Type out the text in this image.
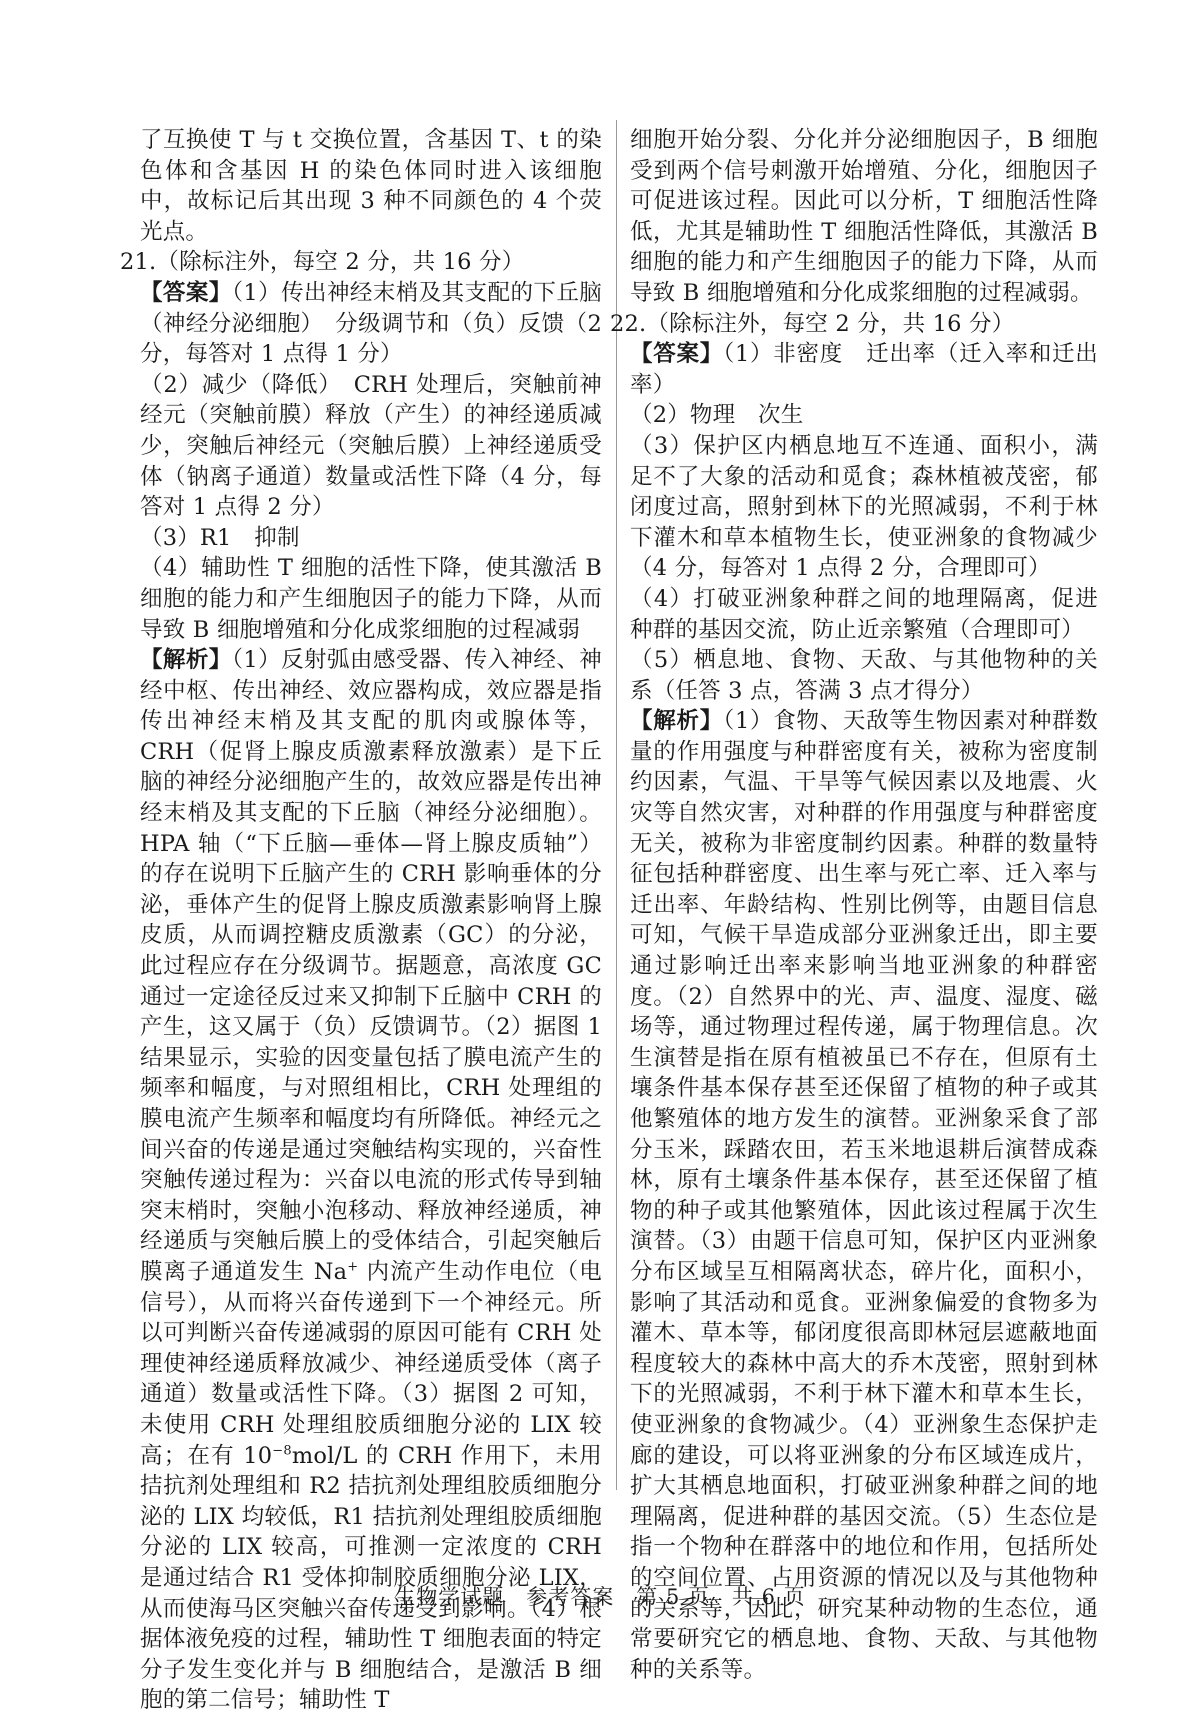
了互换使 T 与 t 交换位置，含基因 T、t 的染色体和含基因 H 的染色体同时进入该细胞中，故标记后其出现 3 种不同颜色的 4 个荧光点。

21.（除标注外，每空 2 分，共 16 分）

【答案】（1）传出神经末梢及其支配的下丘脑（神经分泌细胞）　分级调节和（负）反馈（2 分，每答对 1 点得 1 分）

（2）减少（降低）　CRH 处理后，突触前神经元（突触前膜）释放（产生）的神经递质减少，突触后神经元（突触后膜）上神经递质受体（钠离子通道）数量或活性下降（4 分，每答对 1 点得 2 分）

（3）R1　抑制

（4）辅助性 T 细胞的活性下降，使其激活 B 细胞的能力和产生细胞因子的能力下降，从而导致 B 细胞增殖和分化成浆细胞的过程减弱

【解析】（1）反射弧由感受器、传入神经、神经中枢、传出神经、效应器构成，效应器是指传出神经末梢及其支配的肌肉或腺体等，CRH（促肾上腺皮质激素释放激素）是下丘脑的神经分泌细胞产生的，故效应器是传出神经末梢及其支配的下丘脑（神经分泌细胞）。HPA 轴（“下丘脑—垂体—肾上腺皮质轴”）的存在说明下丘脑产生的 CRH 影响垂体的分泌，垂体产生的促肾上腺皮质激素影响肾上腺皮质，从而调控糖皮质激素（GC）的分泌，此过程应存在分级调节。据题意，高浓度 GC 通过一定途径反过来又抑制下丘脑中 CRH 的产生，这又属于（负）反馈调节。（2）据图 1 结果显示，实验的因变量包括了膜电流产生的频率和幅度，与对照组相比，CRH 处理组的膜电流产生频率和幅度均有所降低。神经元之间兴奋的传递是通过突触结构实现的，兴奋性突触传递过程为：兴奋以电流的形式传导到轴突末梢时，突触小泡移动、释放神经递质，神经递质与突触后膜上的受体结合，引起突触后膜离子通道发生 Na+ 内流产生动作电位（电信号），从而将兴奋传递到下一个神经元。所以可判断兴奋传递减弱的原因可能有 CRH 处理使神经递质释放减少、神经递质受体（离子通道）数量或活性下降。（3）据图 2 可知，未使用 CRH 处理组胶质细胞分泌的 LIX 较高；在有 $10^{-8}mol/L$ 的 CRH 作用下，未用拮抗剂处理组和 R2 拮抗剂处理组胶质细胞分泌的 LIX 均较低，R1 拮抗剂处理组胶质细胞分泌的 LIX 较高，可推测一定浓度的 CRH 是通过结合 R1 受体抑制胶质细胞分泌 LIX，从而使海马区突触兴奋传递受到影响。（4）根据体液免疫的过程，辅助性 T 细胞表面的特定分子发生变化并与 B 细胞结合，是激活 B 细胞的第二信号；辅助性 T

细胞开始分裂、分化并分泌细胞因子，B 细胞受到两个信号刺激开始增殖、分化，细胞因子可促进该过程。因此可以分析，T 细胞活性降低，尤其是辅助性 T 细胞活性降低，其激活 B 细胞的能力和产生细胞因子的能力下降，从而导致 B 细胞增殖和分化成浆细胞的过程减弱。

22.（除标注外，每空 2 分，共 16 分）

【答案】（1）非密度　迁出率（迁入率和迁出率）

（2）物理　次生

（3）保护区内栖息地互不连通、面积小，满足不了大象的活动和觅食；森林植被茂密，郁闭度过高，照射到林下的光照减弱，不利于林下灌木和草本植物生长，使亚洲象的食物减少（4 分，每答对 1 点得 2 分，合理即可）

（4）打破亚洲象种群之间的地理隔离，促进种群的基因交流，防止近亲繁殖（合理即可）

（5）栖息地、食物、天敌、与其他物种的关系（任答 3 点，答满 3 点才得分）

【解析】（1）食物、天敌等生物因素对种群数量的作用强度与种群密度有关，被称为密度制约因素，气温、干旱等气候因素以及地震、火灾等自然灾害，对种群的作用强度与种群密度无关，被称为非密度制约因素。种群的数量特征包括种群密度、出生率与死亡率、迁入率与迁出率、年龄结构、性别比例等，由题目信息可知，气候干旱造成部分亚洲象迁出，即主要通过影响迁出率来影响当地亚洲象的种群密度。（2）自然界中的光、声、温度、湿度、磁场等，通过物理过程传递，属于物理信息。次生演替是指在原有植被虽已不存在，但原有土壤条件基本保存甚至还保留了植物的种子或其他繁殖体的地方发生的演替。亚洲象采食了部分玉米，踩踏农田，若玉米地退耕后演替成森林，原有土壤条件基本保存，甚至还保留了植物的种子或其他繁殖体，因此该过程属于次生演替。（3）由题干信息可知，保护区内亚洲象分布区域呈互相隔离状态，碎片化，面积小，影响了其活动和觅食。亚洲象偏爱的食物多为灌木、草本等，郁闭度很高即林冠层遮蔽地面程度较大的森林中高大的乔木茂密，照射到林下的光照减弱，不利于林下灌木和草本生长，使亚洲象的食物减少。（4）亚洲象生态保护走廊的建设，可以将亚洲象的分布区域连成片，扩大其栖息地面积，打破亚洲象种群之间的地理隔离，促进种群的基因交流。（5）生态位是指一个物种在群落中的地位和作用，包括所处的空间位置、占用资源的情况以及与其他物种的关系等，因此，研究某种动物的生态位，通常要研究它的栖息地、食物、天敌、与其他物种的关系等。

生物学试题　参考答案　第 5 页　共 6 页
